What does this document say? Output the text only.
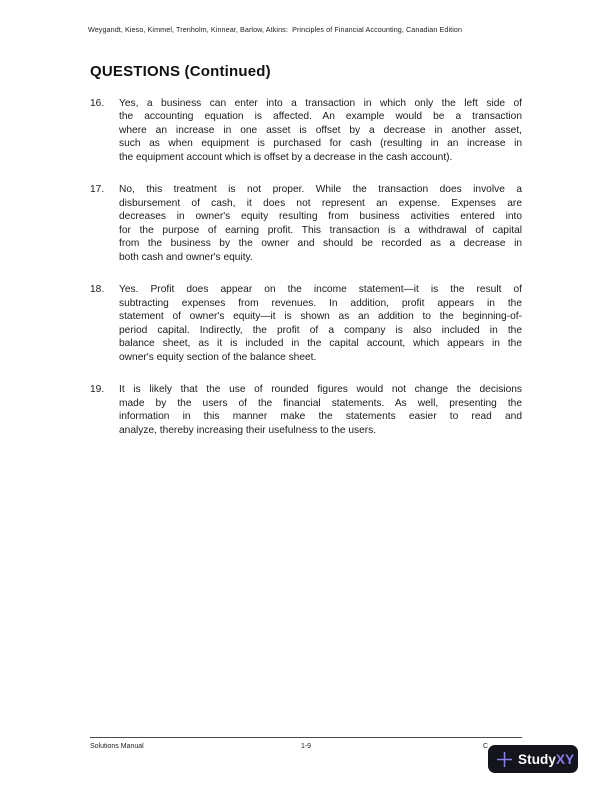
Weygandt, Kieso, Kimmel, Trenholm, Kinnear, Barlow, Atkins:  Principles of Financial Accounting, Canadian Edition
QUESTIONS (Continued)
16.	Yes, a business can enter into a transaction in which only the left side of
the accounting equation is affected. An example would be a transaction
where an increase in one asset is offset by a decrease in another asset,
such as when equipment is purchased for cash (resulting in an increase in
the equipment account which is offset by a decrease in the cash account).
17.	No, this treatment is not proper. While the transaction does involve a
disbursement of cash, it does not represent an expense. Expenses are
decreases in owner's equity resulting from business activities entered into
for the purpose of earning profit. This transaction is a withdrawal of capital
from the business by the owner and should be recorded as a decrease in
both cash and owner's equity.
18.	Yes. Profit does appear on the income statement—it is the result of
subtracting expenses from revenues. In addition, profit appears in the
statement of owner's equity—it is shown as an addition to the beginning-of-
period capital. Indirectly, the profit of a company is also included in the
balance sheet, as it is included in the capital account, which appears in the
owner's equity section of the balance sheet.
19.	It is likely that the use of rounded figures would not change the decisions
made by the users of the financial statements. As well, presenting the
information in this manner make the statements easier to read and
analyze, thereby increasing their usefulness to the users.
Solutions Manual	1-9	C
StudyXY
